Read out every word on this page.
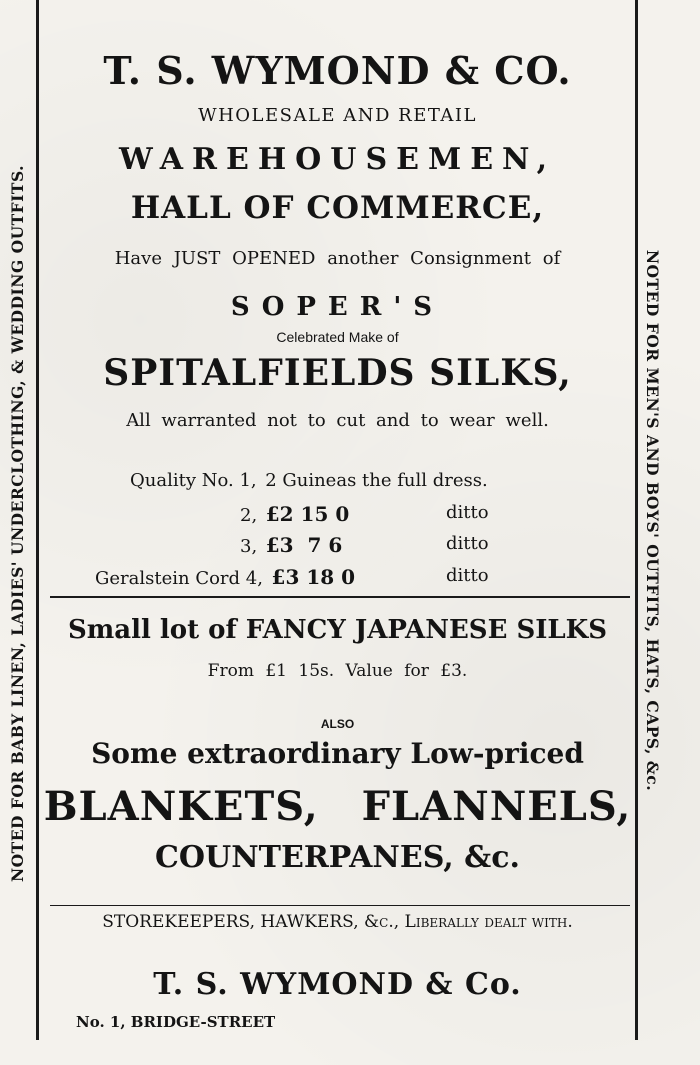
NOTED FOR BABY LINEN, LADIES' UNDERCLOTHING, & WEDDING OUTFITS.	NOTED FOR MEN'S AND BOYS' OUTFITS, HATS, CAPS, &c.
T. S. WYMOND & CO.
WHOLESALE AND RETAIL
WAREHOUSEMEN,
HALL OF COMMERCE,
Have JUST OPENED another Consignment of
SOPER'S
Celebrated Make of
SPITALFIELDS SILKS,
All warranted not to cut and to wear well.
Quality No. 1, 2 Guineas the full dress.
2, £2 15 0	ditto
3, £3  7 6	ditto
Geralstein Cord 4, £3 18 0	ditto
Small lot of FANCY JAPANESE SILKS
From £1 15s. Value for £3.
ALSO
Some extraordinary Low-priced
BLANKETS, FLANNELS,
COUNTERPANES, &c.
STOREKEEPERS, HAWKERS, &c., Liberally dealt with.
T. S. WYMOND & Co.
No. 1, BRIDGE-STREET
